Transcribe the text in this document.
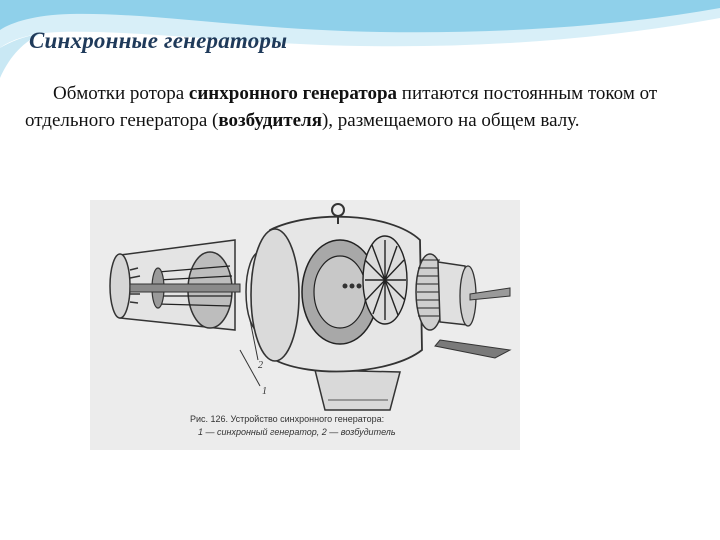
Синхронные генераторы

Обмотки ротора синхронного генератора питаются постоянным током от отдельного генератора (возбудителя), размещаемого на общем валу.

1
2
Рис. 126. Устройство синхронного генератора:
1 — синхронный генератор, 2 — возбудитель
